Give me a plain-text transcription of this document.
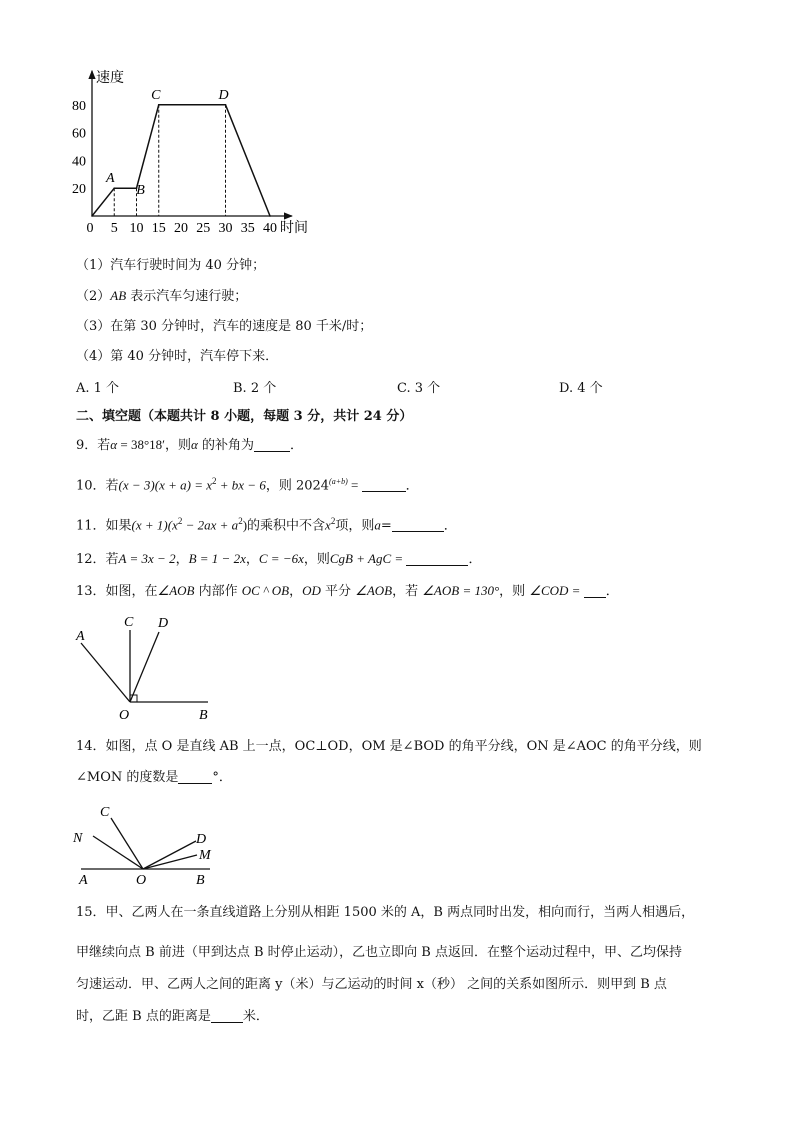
速度
时间
20
40
60
80
0 5 10 15 20 25 30 35 40
A
B
C	D
（1）汽车行驶时间为 40 分钟；
（2）AB 表示汽车匀速行驶；
（3）在第 30 分钟时，汽车的速度是 80 千米/时；
（4）第 40 分钟时，汽车停下来．
A. 1 个	B. 2 个	C. 3 个	D. 4 个
二、填空题（本题共计 8 小题，每题 3 分，共计 24 分）
9．若α = 38°18′，则α 的补角为	．
10．若$(x - 3)(x + a) = x^2$ + bx − 6，则 $2024^{(a+b)}$ =	．
11．如果$(x + 1)(x^2 - 2ax + a^2)$的乘积中不含$x^2$项，则a=	．
12．若A = 3x − 2，B = 1 − 2x，C = −6x，则CgB + AgC =	．
13．如图，在∠AOB 内部作 OC ^ OB，OD 平分 ∠AOB，若 ∠AOB = 130°，则 ∠COD = ．
A
C D
O	B
14．如图，点 O 是直线 AB 上一点，OC⊥OD，OM 是∠BOD 的角平分线，ON 是∠AOC 的角平分线，则
∠MON 的度数是	°．
C
N	D
M
A	O	B
15．甲、乙两人在一条直线道路上分别从相距 1500 米的 A，B 两点同时出发，相向而行，当两人相遇后，
甲继续向点 B 前进（甲到达点 B 时停止运动），乙也立即向 B 点返回．在整个运动过程中，甲、乙均保持
匀速运动．甲、乙两人之间的距离 y（米）与乙运动的时间 x（秒） 之间的关系如图所示．则甲到 B 点
时，乙距 B 点的距离是 米．
